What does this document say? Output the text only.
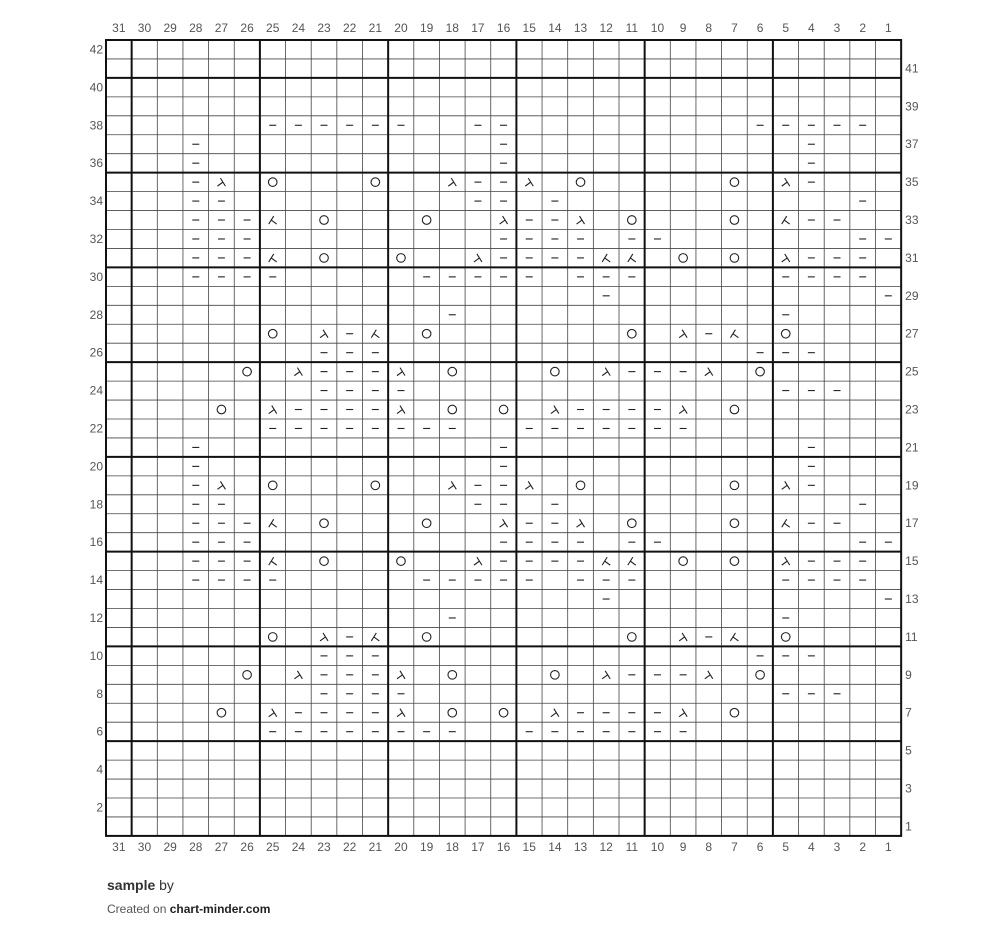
31
31
30
30
29
29
28
28
27
27
26
26
25
25
24
24
23
23
22
22
21
21
20
20
19
19
18
18
17
17
16
16
15
15
14
14
13
13
12
12
11
11
10
10
9
9
8
8
7
7
6
6
5
5
4
4
3
3
2
2
1
1
1
2
3
4
5
6
7
8
9
10
11
12
13
14
15
16
17
18
19
20
21
22
23
24
25
26
27
28
29
30
31
32
33
34
35
36
37
38
39
40
41
42
sample by
Created on chart-minder.com
